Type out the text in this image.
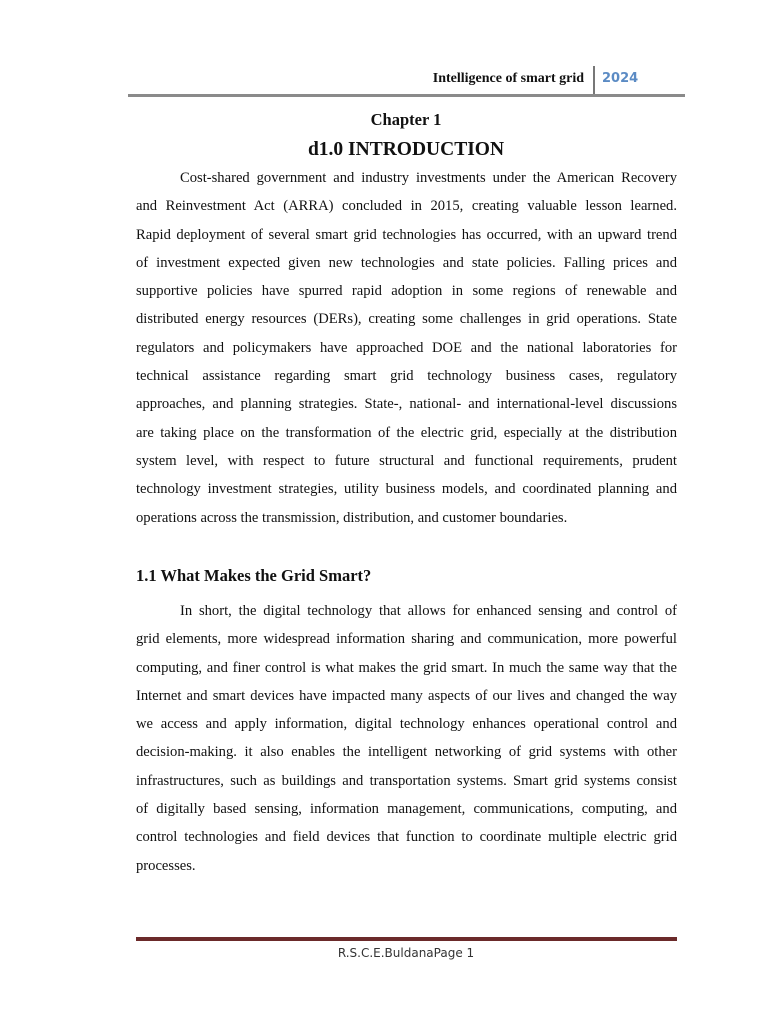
Intelligence of smart grid 2024
Chapter 1
d1.0 INTRODUCTION
Cost-shared government and industry investments under the American Recovery
and Reinvestment Act (ARRA) concluded in 2015, creating valuable lesson learned.
Rapid deployment of several smart grid technologies has occurred, with an upward trend
of investment expected given new technologies and state policies. Falling prices and
supportive policies have spurred rapid adoption in some regions of renewable and
distributed energy resources (DERs), creating some challenges in grid operations. State
regulators and policymakers have approached DOE and the national laboratories for
technical assistance regarding smart grid technology business cases, regulatory
approaches, and planning strategies. State-, national- and international-level discussions
are taking place on the transformation of the electric grid, especially at the distribution
system level, with respect to future structural and functional requirements, prudent
technology investment strategies, utility business models, and coordinated planning and
operations across the transmission, distribution, and customer boundaries.
1.1 What Makes the Grid Smart?
In short, the digital technology that allows for enhanced sensing and control of
grid elements, more widespread information sharing and communication, more powerful
computing, and finer control is what makes the grid smart. In much the same way that the
Internet and smart devices have impacted many aspects of our lives and changed the way
we access and apply information, digital technology enhances operational control and
decision-making. it also enables the intelligent networking of grid systems with other
infrastructures, such as buildings and transportation systems. Smart grid systems consist
of digitally based sensing, information management, communications, computing, and
control technologies and field devices that function to coordinate multiple electric grid
processes.
R.S.C.E.BuldanaPage 1
